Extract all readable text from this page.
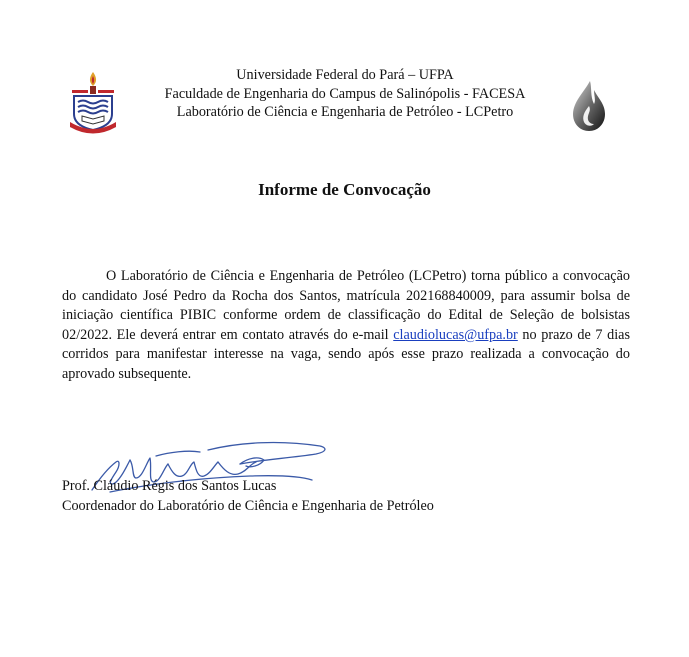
Universidade Federal do Pará – UFPA
Faculdade de Engenharia do Campus de Salinópolis - FACESA
Laboratório de Ciência e Engenharia de Petróleo - LCPetro
Informe de Convocação
O Laboratório de Ciência e Engenharia de Petróleo (LCPetro) torna público a convocação do candidato José Pedro da Rocha dos Santos, matrícula 202168840009, para assumir bolsa de iniciação científica PIBIC conforme ordem de classificação do Edital de Seleção de bolsistas 02/2022. Ele deverá entrar em contato através do e-mail claudiolucas@ufpa.br no prazo de 7 dias corridos para manifestar interesse na vaga, sendo após esse prazo realizada a convocação do aprovado subsequente.
Prof. Cláudio Régis dos Santos Lucas
Coordenador do Laboratório de Ciência e Engenharia de Petróleo
